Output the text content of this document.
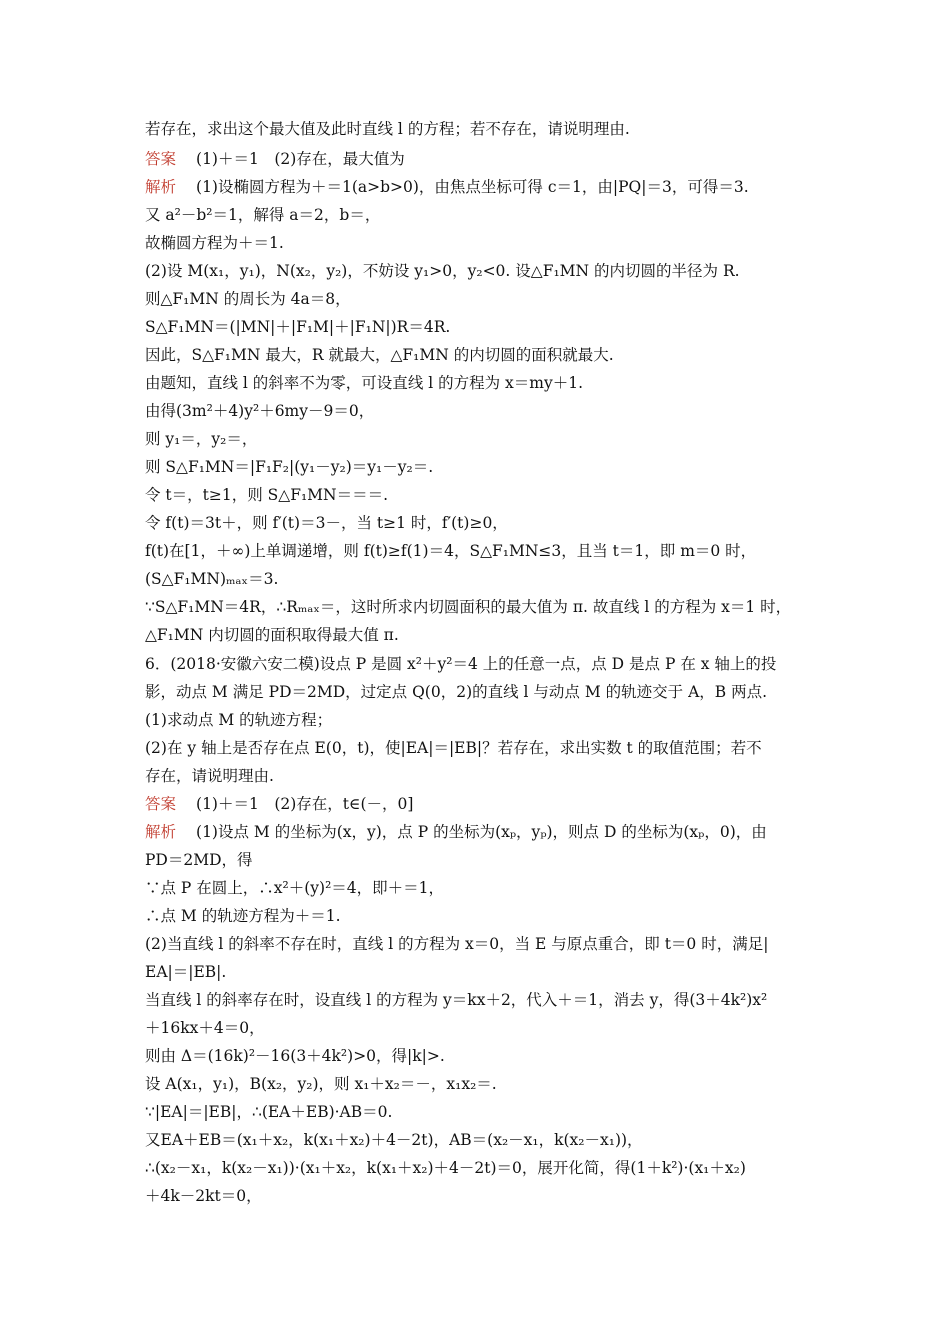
若存在，求出这个最大值及此时直线 l 的方程；若不存在，请说明理由.
答案 (1)＋＝1　(2)存在，最大值为
解析 (1)设椭圆方程为＋＝1(a>b>0)，由焦点坐标可得 c＝1，由|PQ|＝3，可得＝3.
又 a²－b²＝1，解得 a＝2，b＝，
故椭圆方程为＋＝1.
(2)设 M(x₁，y₁)，N(x₂，y₂)，不妨设 y₁>0，y₂<0. 设△F₁MN 的内切圆的半径为 R.
则△F₁MN 的周长为 4a＝8，
S△F₁MN＝(|MN|＋|F₁M|＋|F₁N|)R＝4R.
因此，S△F₁MN 最大，R 就最大，△F₁MN 的内切圆的面积就最大.
由题知，直线 l 的斜率不为零，可设直线 l 的方程为 x＝my＋1.
由得(3m²＋4)y²＋6my－9＝0，
则 y₁＝，y₂＝，
则 S△F₁MN＝|F₁F₂|(y₁－y₂)＝y₁－y₂＝.
令 t＝，t≥1，则 S△F₁MN＝＝＝.
令 f(t)＝3t＋，则 f′(t)＝3－，当 t≥1 时，f′(t)≥0，
f(t)在[1，＋∞)上单调递增，则 f(t)≥f(1)＝4，S△F₁MN≤3，且当 t＝1，即 m＝0 时，
(S△F₁MN)ₘₐₓ＝3.
∵S△F₁MN＝4R，∴Rₘₐₓ＝，这时所求内切圆面积的最大值为 π. 故直线 l 的方程为 x＝1 时，
△F₁MN 内切圆的面积取得最大值 π.
6．(2018·安徽六安二模)设点 P 是圆 x²＋y²＝4 上的任意一点，点 D 是点 P 在 x 轴上的投
影，动点 M 满足 PD＝2MD，过定点 Q(0，2)的直线 l 与动点 M 的轨迹交于 A，B 两点.
(1)求动点 M 的轨迹方程；
(2)在 y 轴上是否存在点 E(0，t)，使|EA|＝|EB|？若存在，求出实数 t 的取值范围；若不
存在，请说明理由.
答案 (1)＋＝1　(2)存在，t∈(－，0]
解析 (1)设点 M 的坐标为(x，y)，点 P 的坐标为(xₚ，yₚ)，则点 D 的坐标为(xₚ，0)，由
PD＝2MD，得
∵点 P 在圆上，∴x²＋(y)²＝4，即＋＝1，
∴点 M 的轨迹方程为＋＝1.
(2)当直线 l 的斜率不存在时，直线 l 的方程为 x＝0，当 E 与原点重合，即 t＝0 时，满足|
EA|＝|EB|.
当直线 l 的斜率存在时，设直线 l 的方程为 y＝kx＋2，代入＋＝1，消去 y，得(3＋4k²)x²
＋16kx＋4＝0，
则由 Δ＝(16k)²－16(3＋4k²)>0，得|k|>.
设 A(x₁，y₁)，B(x₂，y₂)，则 x₁＋x₂＝－，x₁x₂＝.
∵|EA|＝|EB|，∴(EA＋EB)·AB＝0.
又EA＋EB＝(x₁＋x₂，k(x₁＋x₂)＋4－2t)，AB＝(x₂－x₁，k(x₂－x₁))，
∴(x₂－x₁，k(x₂－x₁))·(x₁＋x₂，k(x₁＋x₂)＋4－2t)＝0，展开化简，得(1＋k²)·(x₁＋x₂)
＋4k－2kt＝0，
